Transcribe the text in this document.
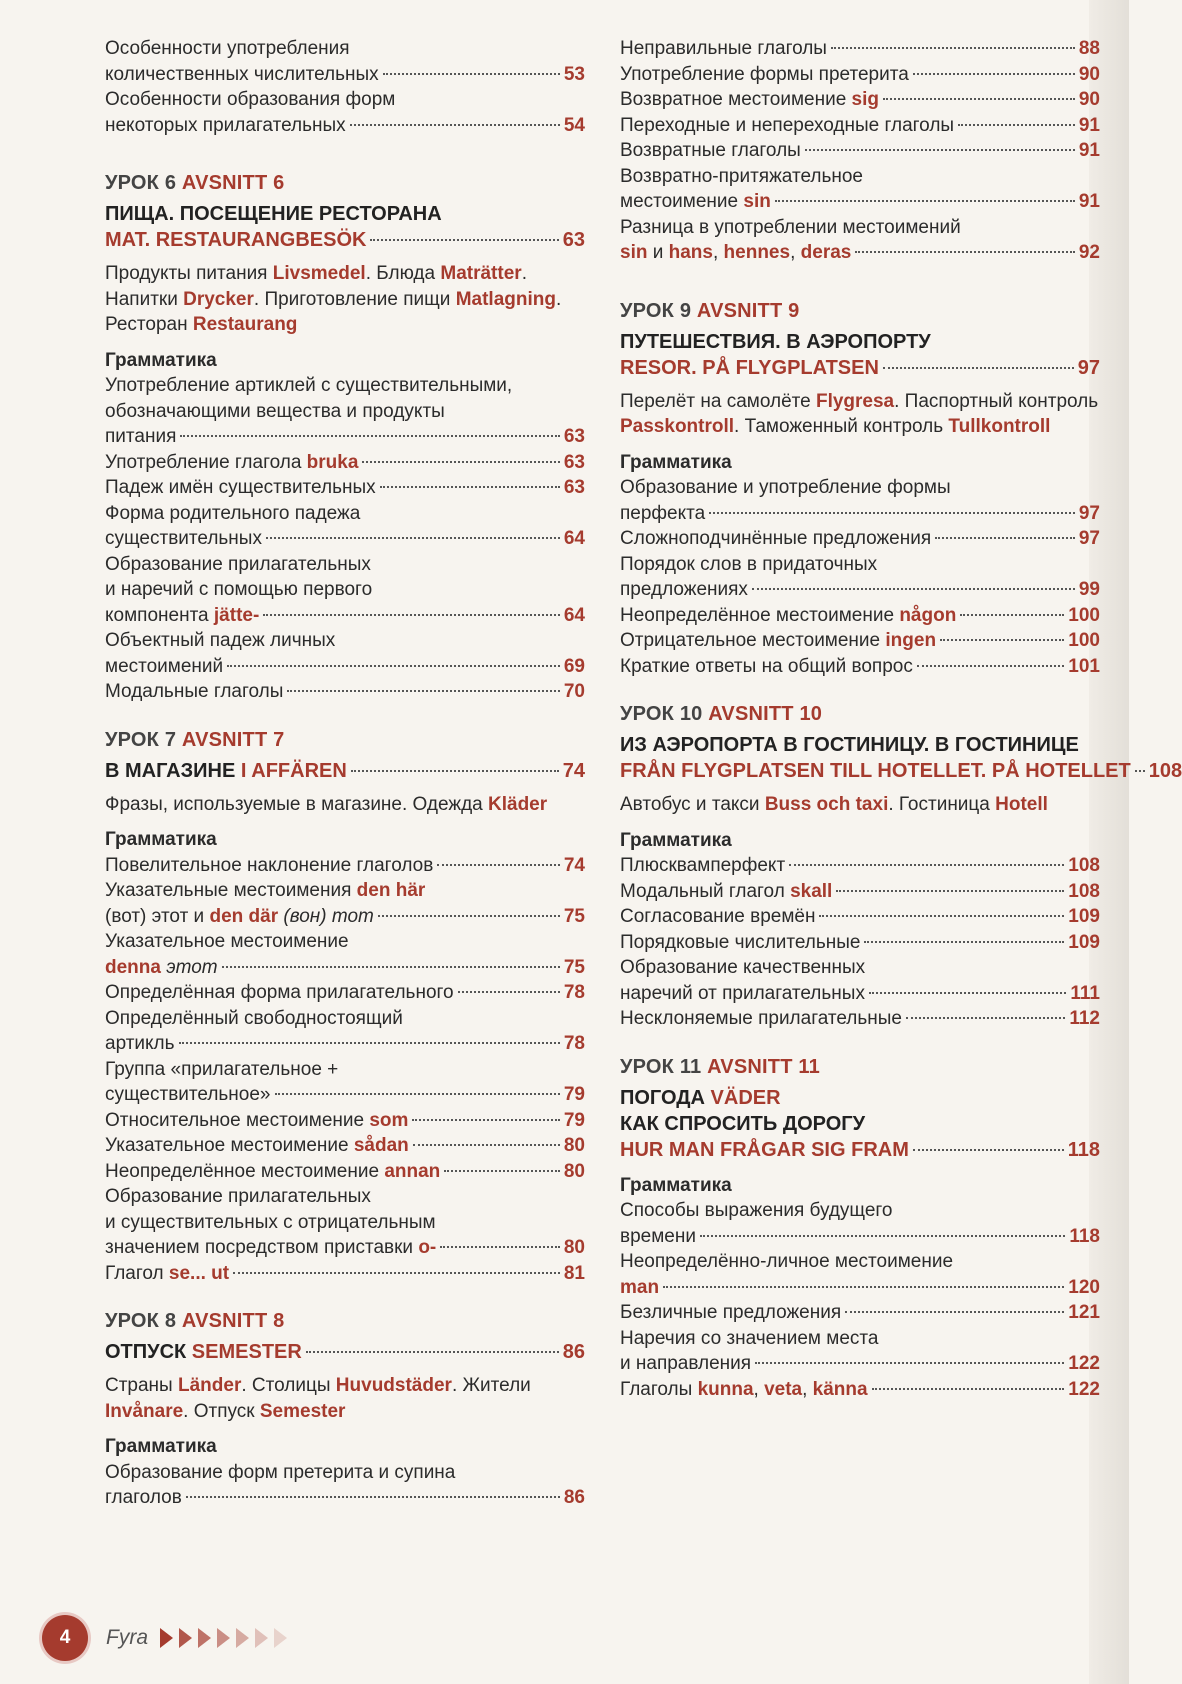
Особенности употребления
количественных числительных	53
Особенности образования форм
некоторых прилагательных	54
УРОК 6 AVSNITT 6
ПИЩА. ПОСЕЩЕНИЕ РЕСТОРАНА
MAT. RESTAURANGBESÖK	63
Продукты питания Livsmedel. Блюда Maträtter. Напитки Drycker. Приготовление пищи Matlagning. Ресторан Restaurang
Грамматика
Употребление артиклей с существительными,
обозначающими вещества и продукты
питания	63
Употребление глагола bruka	63
Падеж имён существительных	63
Форма родительного падежа
существительных	64
Образование прилагательных
и наречий с помощью первого
компонента jätte-	64
Объектный падеж личных
местоимений	69
Модальные глаголы	70
УРОК 7 AVSNITT 7
В МАГАЗИНЕ I AFFÄREN	74
Фразы, используемые в магазине. Одежда Kläder
Грамматика
Повелительное наклонение глаголов	74
Указательные местоимения den här
(вот) этот и den där (вон) тот	75
Указательное местоимение
denna этот	75
Определённая форма прилагательного	78
Определённый свободностоящий
артикль	78
Группа «прилагательное +
существительное»	79
Относительное местоимение som	79
Указательное местоимение sådan	80
Неопределённое местоимение annan	80
Образование прилагательных
и существительных с отрицательным
значением посредством приставки o-	80
Глагол se... ut	81
УРОК 8 AVSNITT 8
ОТПУСК SEMESTER	86
Страны Länder. Столицы Huvudstäder. Жители Invånare. Отпуск Semester
Грамматика
Образование форм претерита и супина
глаголов	86
Неправильные глаголы	88
Употребление формы претерита	90
Возвратное местоимение sig	90
Переходные и непереходные глаголы	91
Возвратные глаголы	91
Возвратно-притяжательное
местоимение sin	91
Разница в употреблении местоимений
sin и hans, hennes, deras	92
УРОК 9 AVSNITT 9
ПУТЕШЕСТВИЯ. В АЭРОПОРТУ
RESOR. PÅ FLYGPLATSEN	97
Перелёт на самолёте Flygresa. Паспортный контроль Passkontroll. Таможенный контроль Tullkontroll
Грамматика
Образование и употребление формы
перфекта	97
Сложноподчинённые предложения	97
Порядок слов в придаточных
предложениях	99
Неопределённое местоимение någon	100
Отрицательное местоимение ingen	100
Краткие ответы на общий вопрос	101
УРОК 10 AVSNITT 10
ИЗ АЭРОПОРТА В ГОСТИНИЦУ. В ГОСТИНИЦЕ
FRÅN FLYGPLATSEN TILL HOTELLET. PÅ HOTELLET 108
Автобус и такси Buss och taxi. Гостиница Hotell
Грамматика
Плюсквамперфект	108
Модальный глагол skall	108
Согласование времён	109
Порядковые числительные	109
Образование качественных
наречий от прилагательных	111
Несклоняемые прилагательные	112
УРОК 11 AVSNITT 11
ПОГОДА VÄDER
КАК СПРОСИТЬ ДОРОГУ
HUR MAN FRÅGAR SIG FRAM	118
Грамматика
Способы выражения будущего
времени	118
Неопределённо-личное местоимение
man	120
Безличные предложения	121
Наречия со значением места
и направления	122
Глаголы kunna, veta, känna	122
4	Fyra
